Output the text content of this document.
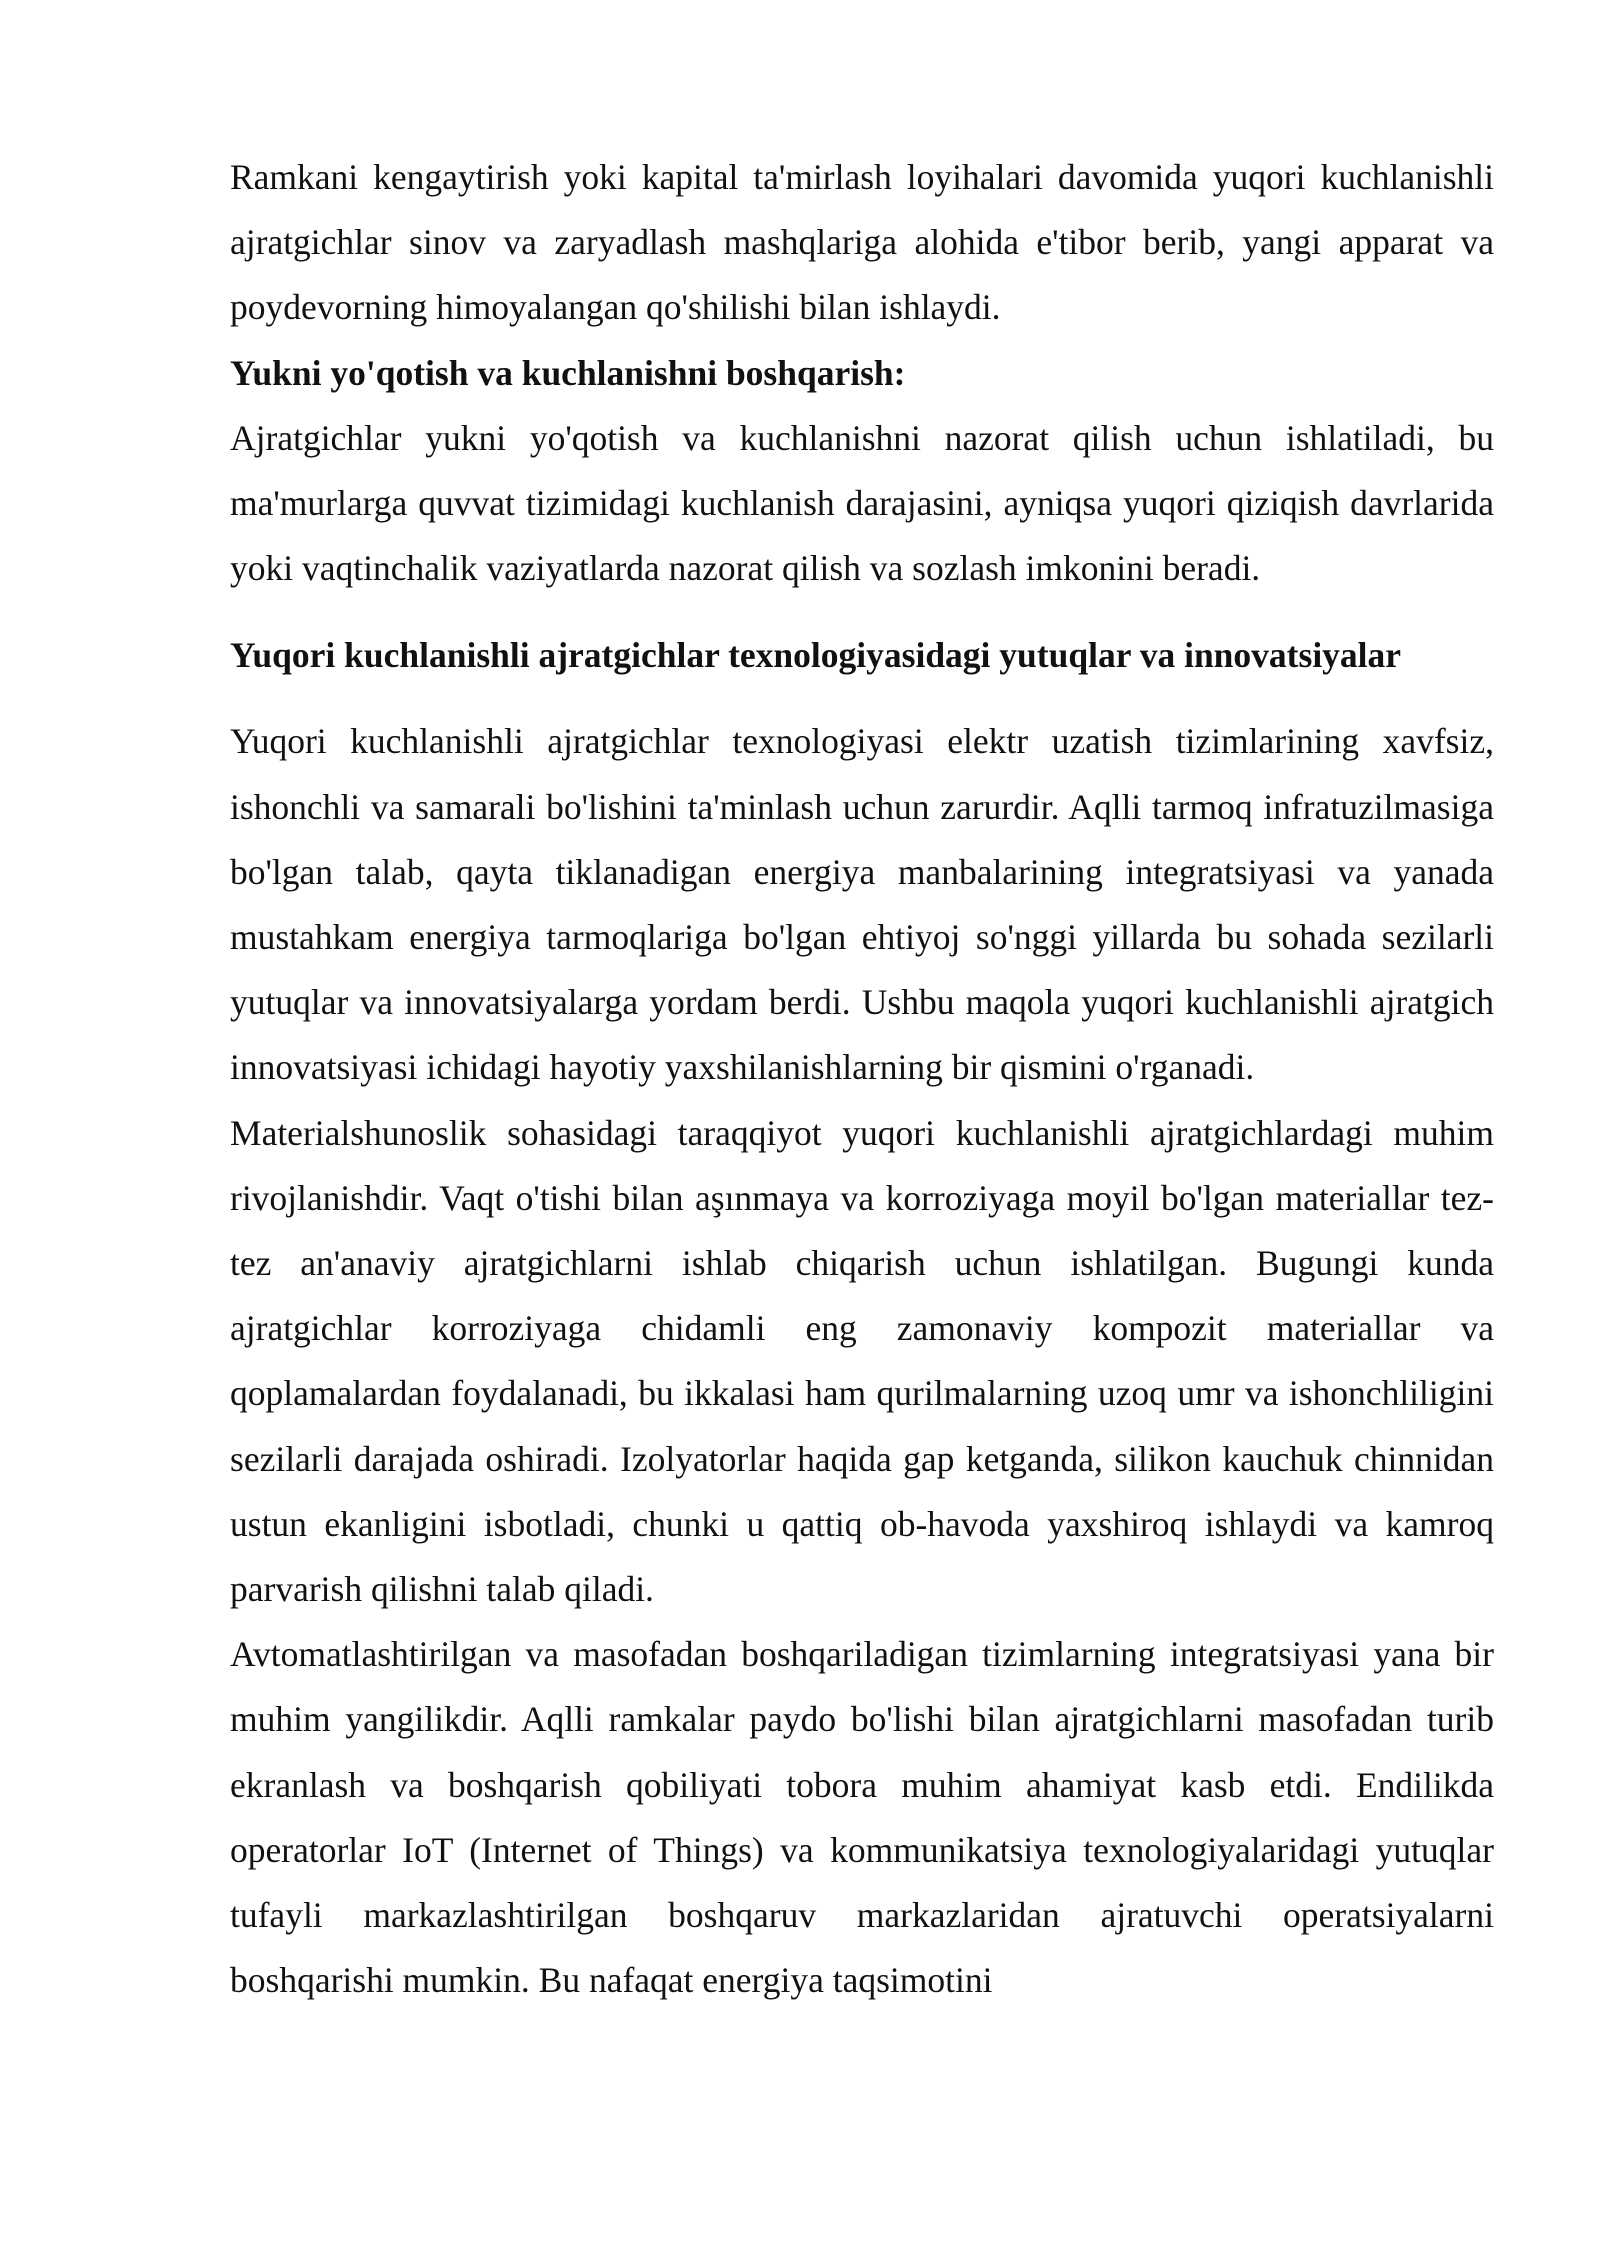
Ramkani kengaytirish yoki kapital ta'mirlash loyihalari davomida yuqori kuchlanishli ajratgichlar sinov va zaryadlash mashqlariga alohida e'tibor berib, yangi apparat va poydevorning himoyalangan qo'shilishi bilan ishlaydi.

Yukni yo'qotish va kuchlanishni boshqarish:

Ajratgichlar yukni yo'qotish va kuchlanishni nazorat qilish uchun ishlatiladi, bu ma'murlarga quvvat tizimidagi kuchlanish darajasini, ayniqsa yuqori qiziqish davrlarida yoki vaqtinchalik vaziyatlarda nazorat qilish va sozlash imkonini beradi.

Yuqori kuchlanishli ajratgichlar texnologiyasidagi yutuqlar va innovatsiyalar

Yuqori kuchlanishli ajratgichlar texnologiyasi elektr uzatish tizimlarining xavfsiz, ishonchli va samarali bo'lishini ta'minlash uchun zarurdir. Aqlli tarmoq infratuzilmasiga bo'lgan talab, qayta tiklanadigan energiya manbalarining integratsiyasi va yanada mustahkam energiya tarmoqlariga bo'lgan ehtiyoj so'nggi yillarda bu sohada sezilarli yutuqlar va innovatsiyalarga yordam berdi. Ushbu maqola yuqori kuchlanishli ajratgich innovatsiyasi ichidagi hayotiy yaxshilanishlarning bir qismini o'rganadi.

Materialshunoslik sohasidagi taraqqiyot yuqori kuchlanishli ajratgichlardagi muhim rivojlanishdir. Vaqt o'tishi bilan aşınmaya va korroziyaga moyil bo'lgan materiallar tez-tez an'anaviy ajratgichlarni ishlab chiqarish uchun ishlatilgan. Bugungi kunda ajratgichlar korroziyaga chidamli eng zamonaviy kompozit materiallar va qoplamalardan foydalanadi, bu ikkalasi ham qurilmalarning uzoq umr va ishonchliligini sezilarli darajada oshiradi. Izolyatorlar haqida gap ketganda, silikon kauchuk chinnidan ustun ekanligini isbotladi, chunki u qattiq ob-havoda yaxshiroq ishlaydi va kamroq parvarish qilishni talab qiladi.

Avtomatlashtirilgan va masofadan boshqariladigan tizimlarning integratsiyasi yana bir muhim yangilikdir. Aqlli ramkalar paydo bo'lishi bilan ajratgichlarni masofadan turib ekranlash va boshqarish qobiliyati tobora muhim ahamiyat kasb etdi. Endilikda operatorlar IoT (Internet of Things) va kommunikatsiya texnologiyalaridagi yutuqlar tufayli markazlashtirilgan boshqaruv markazlaridan ajratuvchi operatsiyalarni boshqarishi mumkin. Bu nafaqat energiya taqsimotini
